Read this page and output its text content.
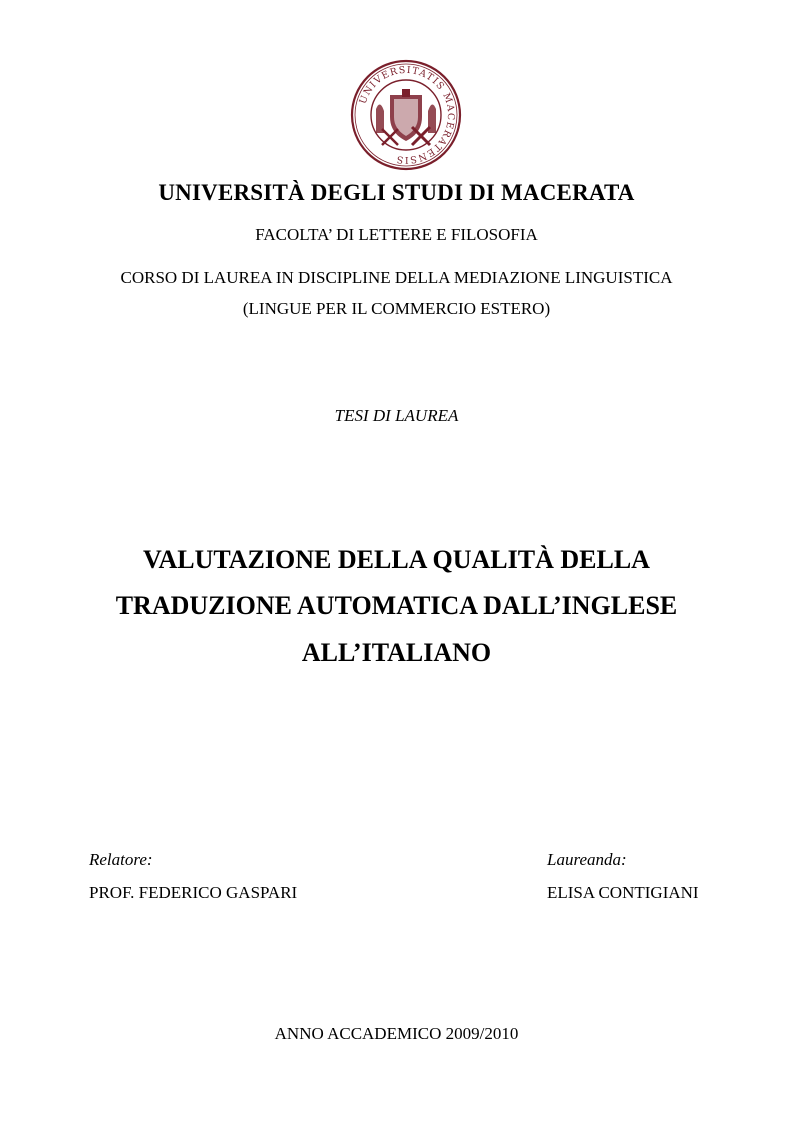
UNIVERSITATIS MACERATENSIS
UNIVERSITÀ DEGLI STUDI DI MACERATA
FACOLTA’ DI LETTERE E FILOSOFIA
CORSO DI LAUREA IN DISCIPLINE DELLA MEDIAZIONE LINGUISTICA
(LINGUE PER IL COMMERCIO ESTERO)
TESI DI LAUREA
VALUTAZIONE DELLA QUALITÀ DELLA
TRADUZIONE AUTOMATICA DALL’INGLESE
ALL’ITALIANO
Relatore:
PROF. FEDERICO GASPARI
Laureanda:
ELISA CONTIGIANI
ANNO ACCADEMICO 2009/2010
